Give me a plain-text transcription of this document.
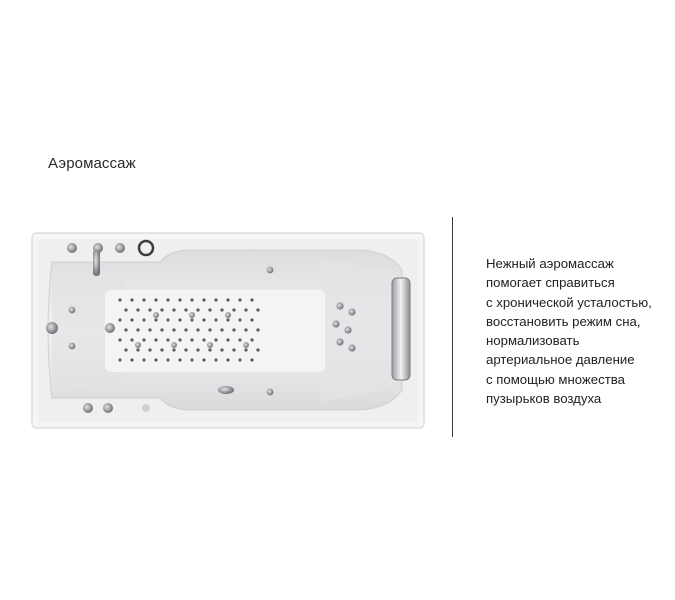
Аэромассаж
Нежный аэромассаж
помогает справиться
с хронической усталостью,
восстановить режим сна,
нормализовать
артериальное давление
с помощью множества
пузырьков воздуха
